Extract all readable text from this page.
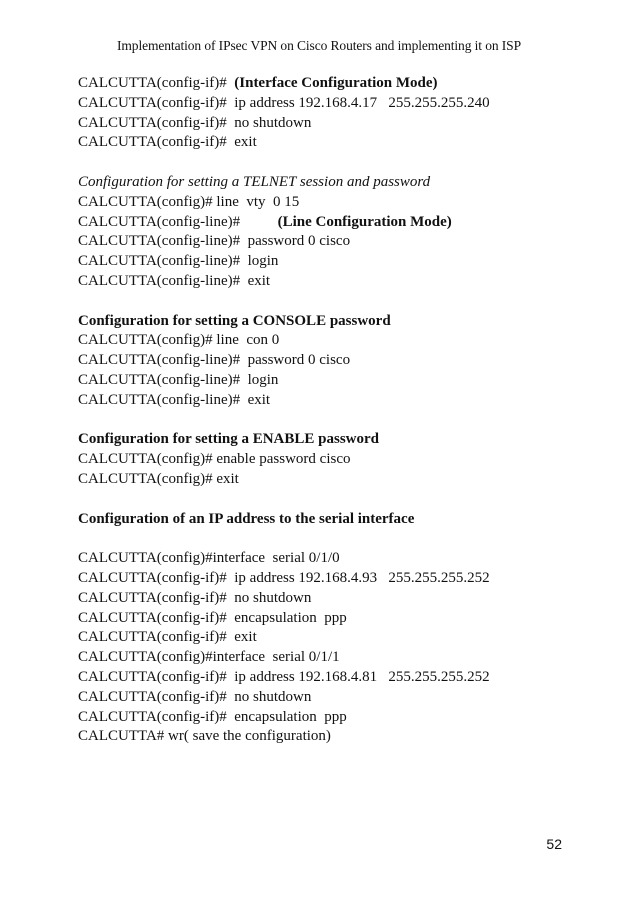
Implementation of IPsec VPN on Cisco Routers and implementing it on ISP
CALCUTTA(config-if)#  (Interface Configuration Mode)
CALCUTTA(config-if)#  ip address 192.168.4.17   255.255.255.240
CALCUTTA(config-if)#  no shutdown
CALCUTTA(config-if)#  exit
Configuration for setting a TELNET session and password
CALCUTTA(config)# line  vty  0 15
CALCUTTA(config-line)#          (Line Configuration Mode)
CALCUTTA(config-line)#  password 0 cisco
CALCUTTA(config-line)#  login
CALCUTTA(config-line)#  exit
Configuration for setting a CONSOLE password
CALCUTTA(config)# line  con 0
CALCUTTA(config-line)#  password 0 cisco
CALCUTTA(config-line)#  login
CALCUTTA(config-line)#  exit
Configuration for setting a ENABLE password
CALCUTTA(config)# enable password cisco
CALCUTTA(config)# exit
Configuration of an IP address to the serial interface
CALCUTTA(config)#interface  serial 0/1/0
CALCUTTA(config-if)#  ip address 192.168.4.93   255.255.255.252
CALCUTTA(config-if)#  no shutdown
CALCUTTA(config-if)#  encapsulation  ppp
CALCUTTA(config-if)#  exit
CALCUTTA(config)#interface  serial 0/1/1
CALCUTTA(config-if)#  ip address 192.168.4.81   255.255.255.252
CALCUTTA(config-if)#  no shutdown
CALCUTTA(config-if)#  encapsulation  ppp
CALCUTTA# wr( save the configuration)
52
